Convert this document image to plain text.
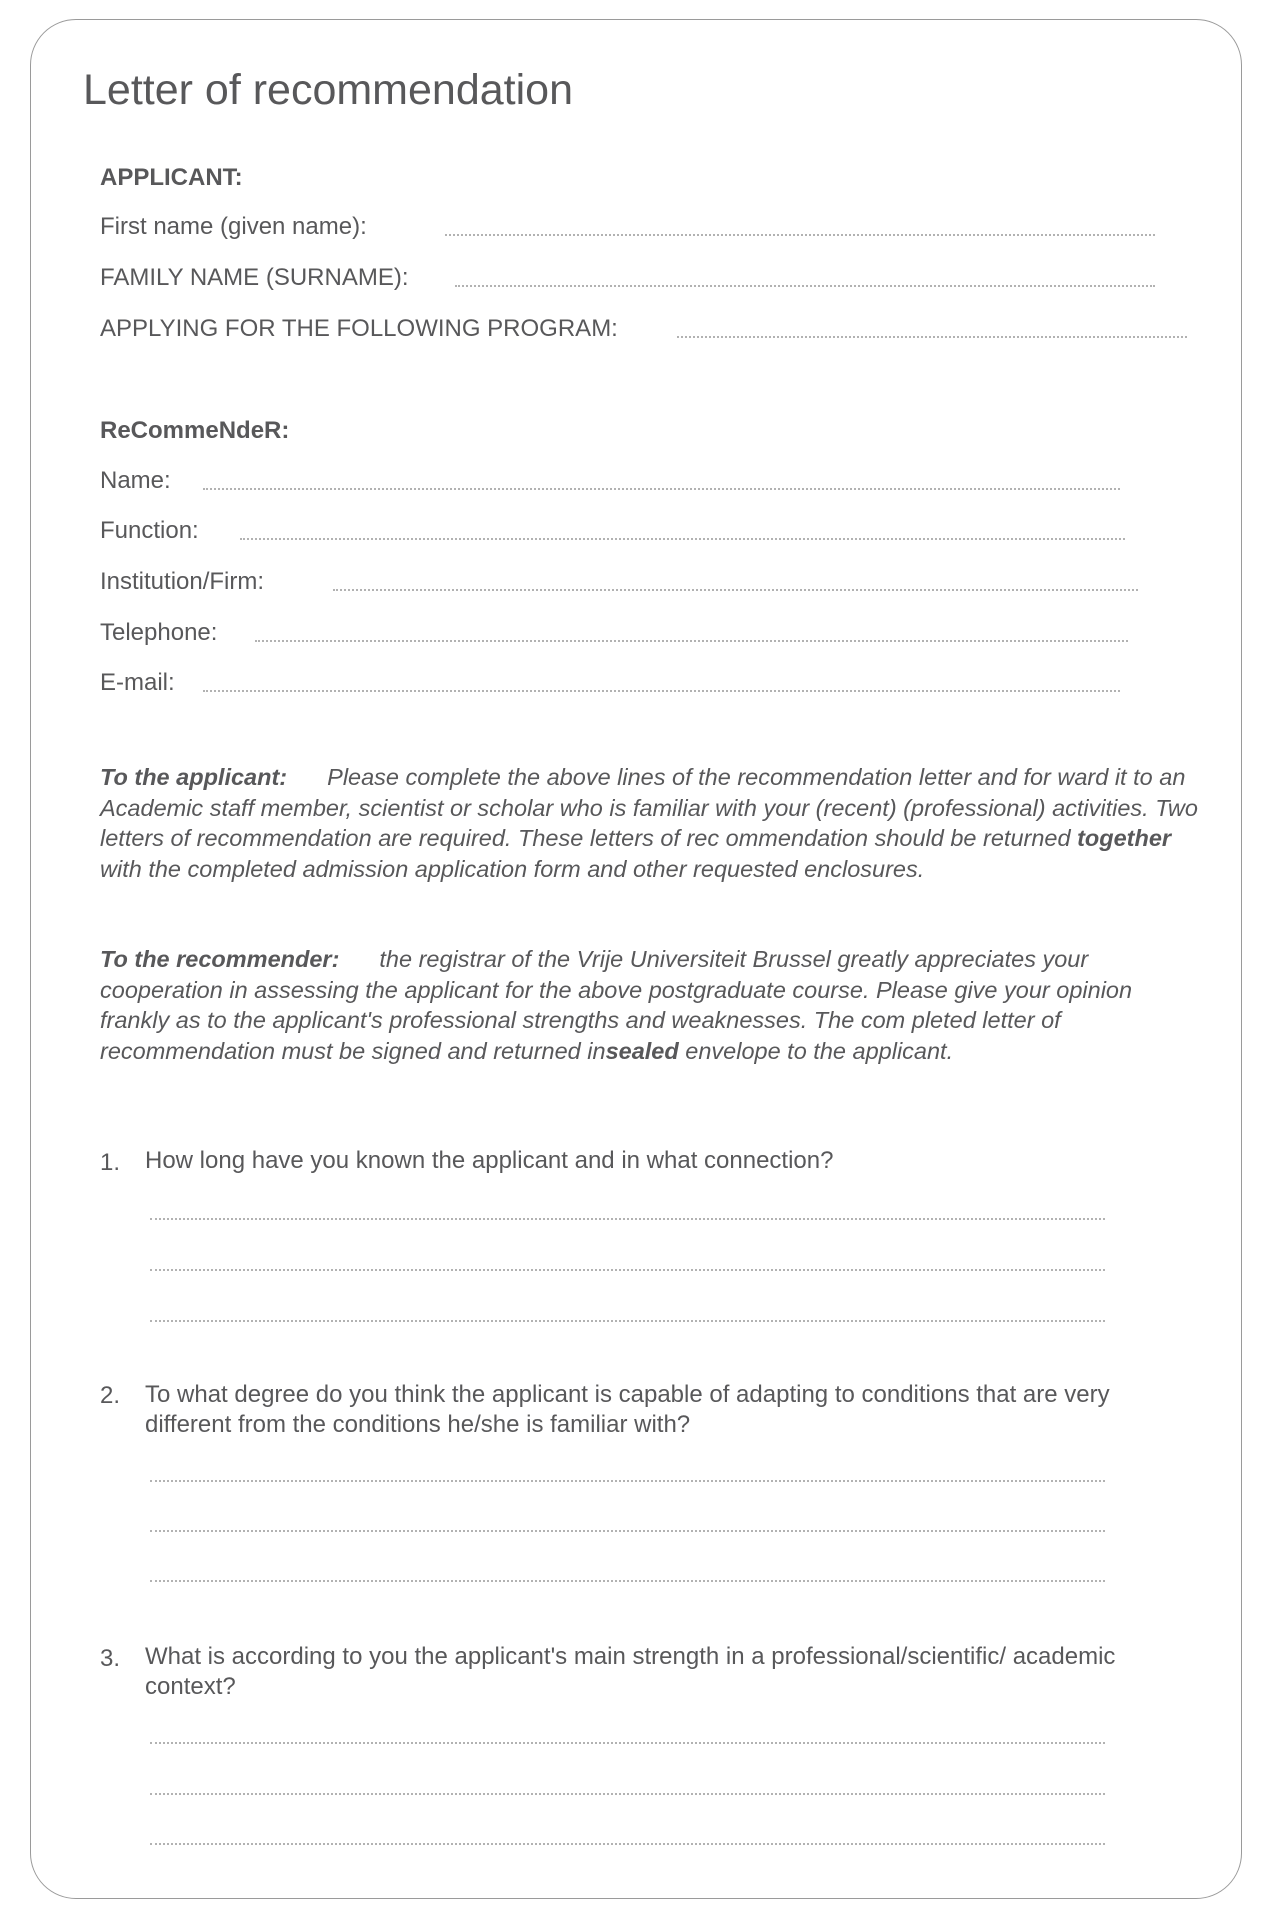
Letter of recommendation
APPLICANT:
First name (given name):
FAMILY NAME (SURNAME):
APPLYING FOR THE FOLLOWING PROGRAM:
ReCommeNdeR:
Name:
Function:
Institution/Firm:
Telephone:
E-mail:
To the applicant: Please complete the above lines of the recommendation letter and for ward it to an Academic staff member, scientist or scholar who is familiar with your (recent) (professional) activities. Two letters of recommendation are required. These letters of rec ommendation should be returned together with the completed admission application form and other requested enclosures.
To the recommender: the registrar of the Vrije Universiteit Brussel greatly appreciates your cooperation in assessing the applicant for the above postgraduate course. Please give your opinion frankly as to the applicant's professional strengths and weaknesses. The com pleted letter of recommendation must be signed and returned insealed envelope to the applicant.
1. How long have you known the applicant and in what connection?
2. To what degree do you think the applicant is capable of adapting to conditions that are very different from the conditions he/she is familiar with?
3. What is according to you the applicant's main strength in a professional/scientific/ academic context?
